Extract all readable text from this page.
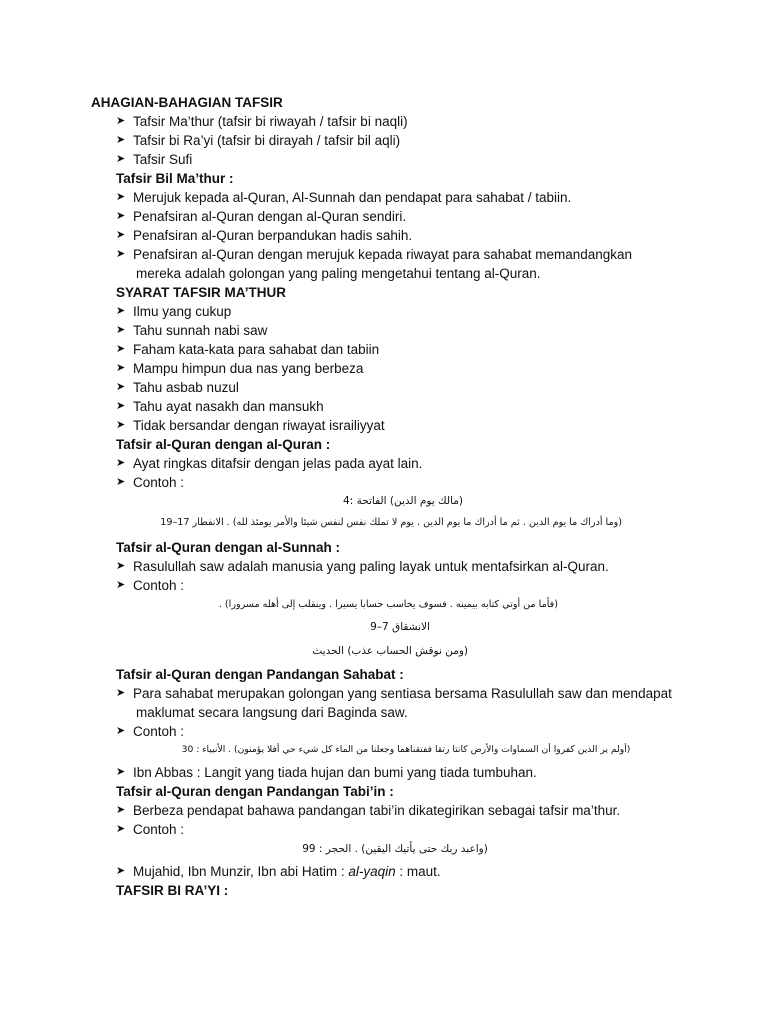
AHAGIAN-BAHAGIAN TAFSIR
➤ Tafsir Ma’thur (tafsir bi riwayah / tafsir bi naqli)
➤ Tafsir bi Ra’yi (tafsir bi dirayah / tafsir bil aqli)
➤ Tafsir Sufi
Tafsir Bil Ma’thur :
➤ Merujuk kepada al-Quran, Al-Sunnah dan pendapat para sahabat / tabiin.
➤ Penafsiran al-Quran dengan al-Quran sendiri.
➤ Penafsiran al-Quran berpandukan hadis sahih.
➤ Penafsiran al-Quran dengan merujuk kepada riwayat para sahabat memandangkan
mereka adalah golongan yang paling mengetahui tentang al-Quran.
SYARAT TAFSIR MA’THUR
➤ Ilmu yang cukup
➤ Tahu sunnah nabi saw
➤ Faham kata-kata para sahabat dan tabiin
➤ Mampu himpun dua nas yang berbeza
➤ Tahu asbab nuzul
➤ Tahu ayat nasakh dan mansukh
➤ Tidak bersandar dengan riwayat israiliyyat
Tafsir al-Quran dengan al-Quran :
➤ Ayat ringkas ditafsir dengan jelas pada ayat lain.
➤ Contoh :
(مالك يوم الدين) الفاتحة :4
(وما أدراك ما يوم الدين . ثم ما أدراك ما يوم الدين . يوم لا تملك نفس لنفس شيئا والأمر يومئذ لله) . الانفطار 17–19
Tafsir al-Quran dengan al-Sunnah :
➤ Rasulullah saw adalah manusia yang paling layak untuk mentafsirkan al-Quran.
➤ Contoh :
(فأما من أوتي كتابه بيمينه . فسوف يحاسب حسابا يسيرا . وينقلب إلى أهله مسرورا) .
الانشقاق 7–9
(ومن نوقش الحساب عذب) الحديث
Tafsir al-Quran dengan Pandangan Sahabat :
➤ Para sahabat merupakan golongan yang sentiasa bersama Rasulullah saw dan mendapat
maklumat secara langsung dari Baginda saw.
➤ Contoh :
(أولم ير الذين كفروا أن السماوات والأرض كانتا رتقا ففتقناهما وجعلنا من الماء كل شيء حي أفلا يؤمنون) . الأنبياء : 30
➤ Ibn Abbas : Langit yang tiada hujan dan bumi yang tiada tumbuhan.
Tafsir al-Quran dengan Pandangan Tabi’in :
➤ Berbeza pendapat bahawa pandangan tabi’in dikategirikan sebagai tafsir ma’thur.
➤ Contoh :
(واعبد ربك حتى يأتيك اليقين) . الحجر : 99
➤ Mujahid, Ibn Munzir, Ibn abi Hatim : al-yaqin : maut.
TAFSIR BI RA’YI :
